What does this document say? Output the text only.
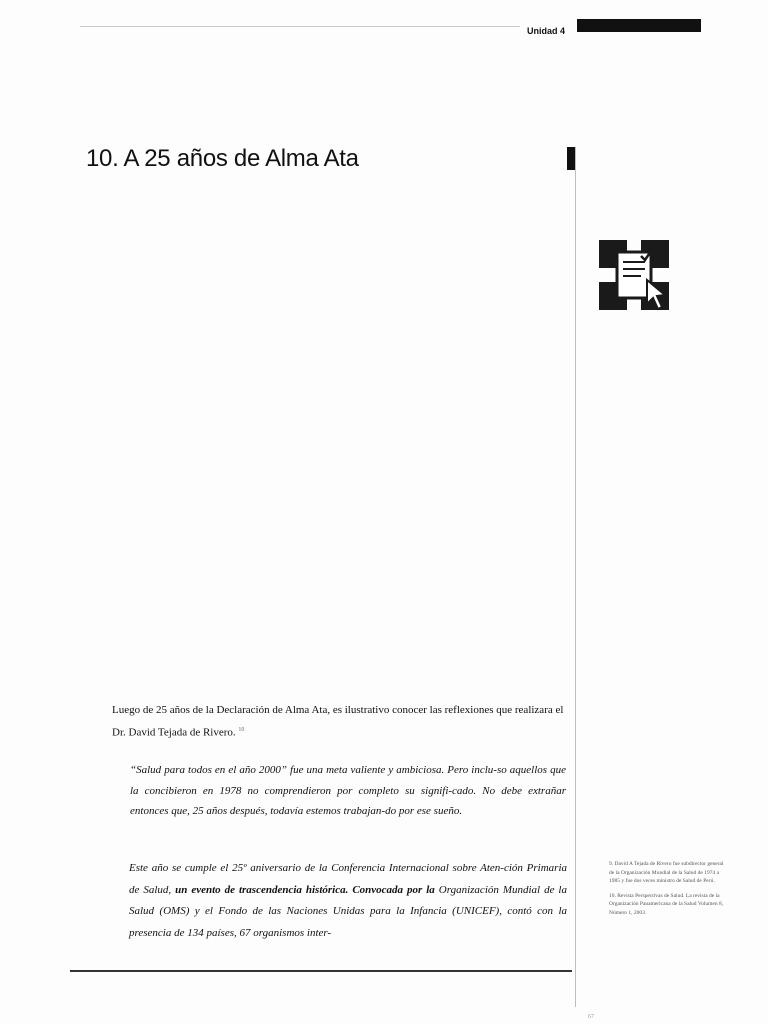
Unidad 4
10. A 25 años de Alma Ata
Luego de 25 años de la Declaración de Alma Ata, es ilustrativo conocer las reflexiones que realizara el Dr. David Tejada de Rivero. $^{10}$
“Salud para todos en el año 2000” fue una meta valiente y ambiciosa. Pero inclu-so aquellos que la concibieron en 1978 no comprendieron por completo su signifi-cado. No debe extrañar entonces que, 25 años después, todavía estemos trabajan-do por ese sueño.
Este año se cumple el 25º aniversario de la Conferencia Internacional sobre Aten-ción Primaria de Salud, un evento de trascendencia histórica. Convocada por la Organización Mundial de la Salud (OMS) y el Fondo de las Naciones Unidas para la Infancia (UNICEF), contó con la presencia de 134 países, 67 organismos inter-
9. David A Tejada de Rivero fue subdirector general de la Organización Mundial de la Salud de 1974 a 1985 y fue dos veces ministro de Salud de Perú.
10. Revista Perspectivas de Salud. La revista de la Organización Panamericana de la Salud Volumen 8, Número 1, 2003.
67
